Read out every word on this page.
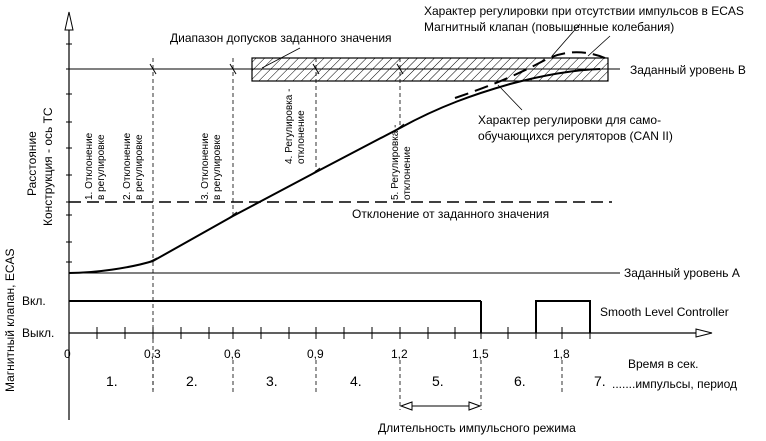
Диапазон допусков заданного значения
Характер регулировки при отсутствии импульсов в ECAS
Магнитный клапан (повышенные колебания)
Заданный уровень B
Характер регулировки для само-
обучающихся регуляторов (CAN II)
Отклонение от заданного значения
Заданный уровень A
Вкл.
Выкл.
Smooth Level Controller
Время в сек.
.......импульсы, период
Длительность импульсного режима
0	0,3	0,6	0,9	1,2	1,5	1,8
1.	2.	3.	4.	5.	6.	7.
Расстояние Конструкция - ось ТС
Магнитный клапан, ECAS
1. Отклонение в регулировке 2. Отклонение в регулировке	3. Отклонение в регулировке
4. Регулировка - отклонение	5. Регулировка - отклонение
